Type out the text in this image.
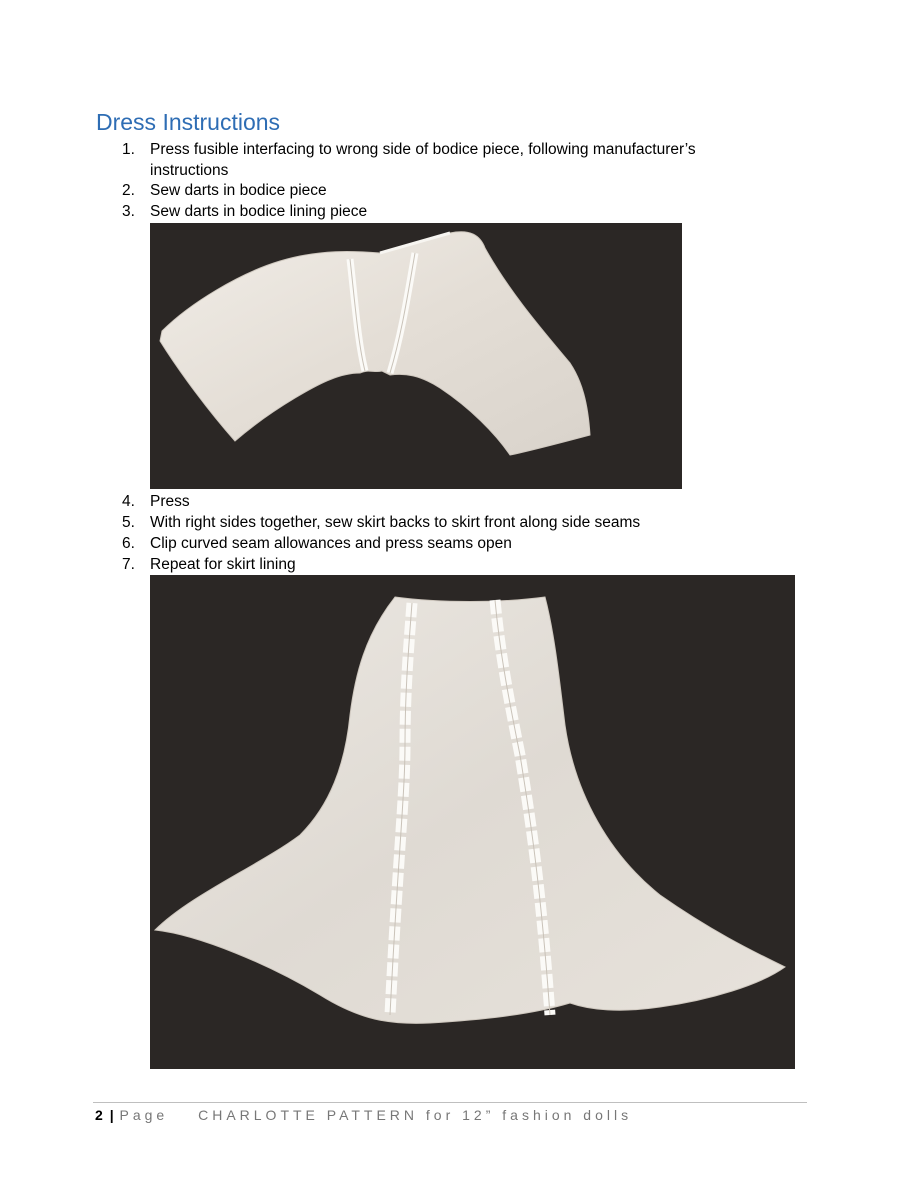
Dress Instructions
1. Press fusible interfacing to wrong side of bodice piece, following manufacturer’s instructions
2. Sew darts in bodice piece
3. Sew darts in bodice lining piece
4. Press
5. With right sides together, sew skirt backs to skirt front along side seams
6. Clip curved seam allowances and press seams open
7. Repeat for skirt lining
2 | Page CHARLOTTE PATTERN for 12” fashion dolls
